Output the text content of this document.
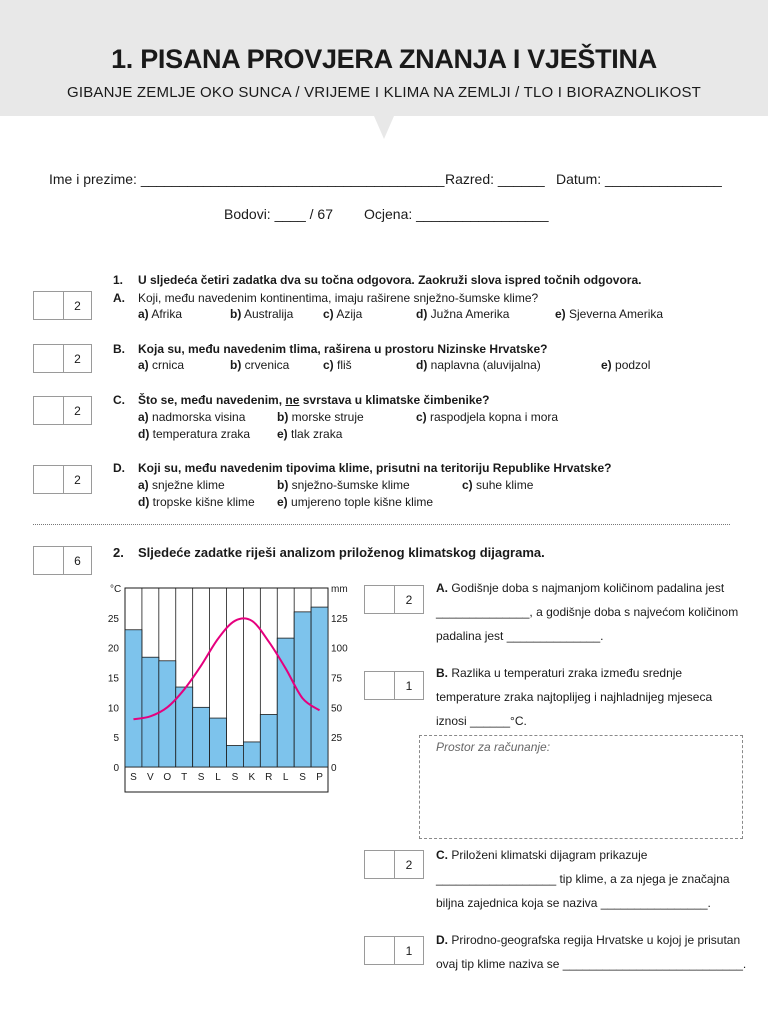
1. PISANA PROVJERA ZNANJA I VJEŠTINA
GIBANJE ZEMLJE OKO SUNCA / VRIJEME I KLIMA NA ZEMLJI / TLO I BIORAZNOLIKOST
Ime i prezime: _______________________________________ Razred: ______ Datum: _______________
Bodovi: ____ / 67 Ocjena: _________________
1. U sljedeća četiri zadatka dva su točna odgovora. Zaokruži slova ispred točnih odgovora.
2
A. Koji, među navedenim kontinentima, imaju raširene snježno-šumske klime?
a) Afrika	b) Australija c) Azija	d) Južna Amerika	e) Sjeverna Amerika
2
B. Koja su, među navedenim tlima, raširena u prostoru Nizinske Hrvatske?
a) crnica	b) crvenica	c) fliš	d) naplavna (aluvijalna)	e) podzol
2
C. Što se, među navedenim, ne svrstava u klimatske čimbenike?
a) nadmorska visina	b) morske struje	c) raspodjela kopna i mora
d) temperatura zraka e) tlak zraka
2
D. Koji su, među navedenim tipovima klime, prisutni na teritoriju Republike Hrvatske?
a) snježne klime	b) snježno-šumske klime	c) suhe klime
d) tropske kišne klime e) umjereno tople kišne klime
6
2. Sljedeće zadatke riješi analizom priloženog klimatskog dijagrama.
°C	mm
0
5
10
15
20
25
0
25
50
75
100
125
S V O T S L S K R L S P
2
A. Godišnje doba s najmanjom količinom padalina jest
______________, a godišnje doba s najvećom količinom
padalina jest ______________.
1
B. Razlika u temperaturi zraka između srednje
temperature zraka najtoplijeg i najhladnijeg mjeseca
iznosi ______°C.
Prostor za računanje:
2
C. Priloženi klimatski dijagram prikazuje
__________________ tip klime, a za njega je značajna
biljna zajednica koja se naziva ________________.
1
D. Prirodno-geografska regija Hrvatske u kojoj je prisutan
ovaj tip klime naziva se ___________________________.
